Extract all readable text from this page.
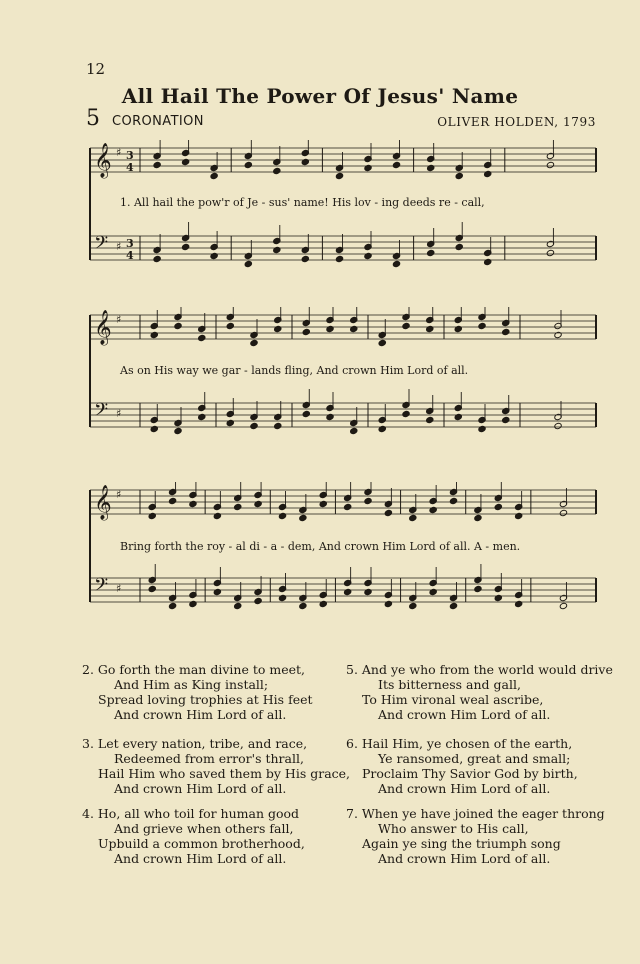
12
All Hail The Power Of Jesus' Name
5 CORONATION	OLIVER HOLDEN, 1793
𝄞 ♯ 3
4
𝄢 ♯ 3
4
1. All hail the pow'r of Je - sus' name! His lov - ing deeds re - call,
𝄞 ♯
𝄢 ♯
As on His way we gar - lands fling, And crown Him Lord of all.
𝄞 ♯
𝄢 ♯
Bring forth the roy - al di - a - dem, And crown Him Lord of all. A - men.
2. Go forth the man divine to meet,
And Him as King install;
Spread loving trophies at His feet
And crown Him Lord of all.
3. Let every nation, tribe, and race,
Redeemed from error's thrall,
Hail Him who saved them by His grace,
And crown Him Lord of all.
4. Ho, all who toil for human good
And grieve when others fall,
Upbuild a common brotherhood,
And crown Him Lord of all.
5. And ye who from the world would drive
Its bitterness and gall,
To Him vironal weal ascribe,
And crown Him Lord of all.
6. Hail Him, ye chosen of the earth,
Ye ransomed, great and small;
Proclaim Thy Savior God by birth,
And crown Him Lord of all.
7. When ye have joined the eager throng
Who answer to His call,
Again ye sing the triumph song
And crown Him Lord of all.
